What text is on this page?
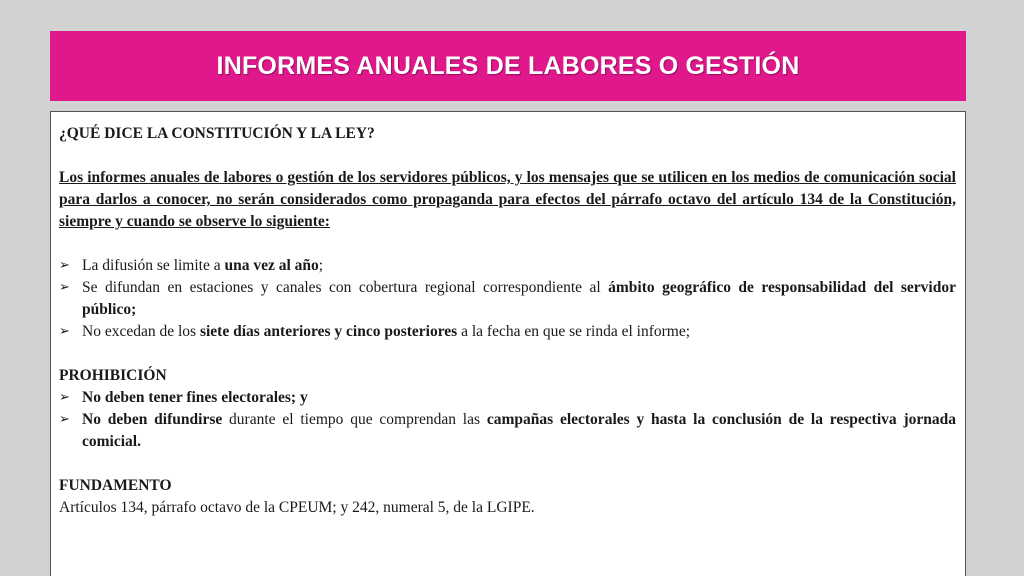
INFORMES ANUALES DE LABORES O GESTIÓN

¿QUÉ DICE LA CONSTITUCIÓN Y LA LEY?

Los informes anuales de labores o gestión de los servidores públicos, y los mensajes que se utilicen en los medios de comunicación social para darlos a conocer, no serán considerados como propaganda para efectos del párrafo octavo del artículo 134 de la Constitución, siempre y cuando se observe lo siguiente:

➢ La difusión se limite a una vez al año;
➢ Se difundan en estaciones y canales con cobertura regional correspondiente al ámbito geográfico de responsabilidad del servidor público;
➢ No excedan de los siete días anteriores y cinco posteriores a la fecha en que se rinda el informe;

PROHIBICIÓN

➢ No deben tener fines electorales; y
➢ No deben difundirse durante el tiempo que comprendan las campañas electorales y hasta la conclusión de la respectiva jornada comicial.

FUNDAMENTO

Artículos 134, párrafo octavo de la CPEUM; y 242, numeral 5, de la LGIPE.
